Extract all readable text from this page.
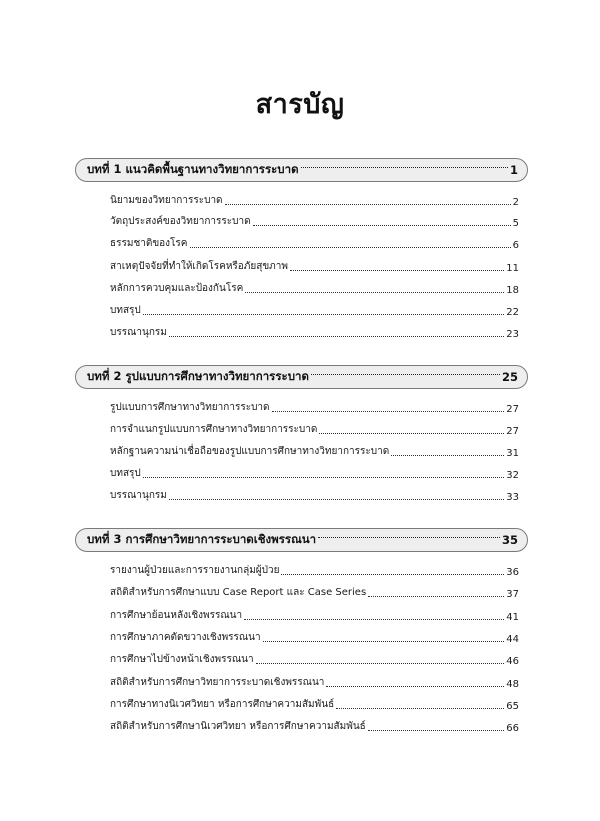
สารบัญ
บทที่ 1 แนวคิดพื้นฐานทางวิทยาการระบาด	1
นิยามของวิทยาการระบาด	2
วัตถุประสงค์ของวิทยาการระบาด	5
ธรรมชาติของโรค	6
สาเหตุปัจจัยที่ทำให้เกิดโรคหรือภัยสุขภาพ	11
หลักการควบคุมและป้องกันโรค	18
บทสรุป	22
บรรณานุกรม	23
บทที่ 2 รูปแบบการศึกษาทางวิทยาการระบาด	25
รูปแบบการศึกษาทางวิทยาการระบาด	27
การจำแนกรูปแบบการศึกษาทางวิทยาการระบาด	27
หลักฐานความน่าเชื่อถือของรูปแบบการศึกษาทางวิทยาการระบาด	31
บทสรุป	32
บรรณานุกรม	33
บทที่ 3 การศึกษาวิทยาการระบาดเชิงพรรณนา	35
รายงานผู้ป่วยและการรายงานกลุ่มผู้ป่วย	36
สถิติสำหรับการศึกษาแบบ Case Report และ Case Series	37
การศึกษาย้อนหลังเชิงพรรณนา	41
การศึกษาภาคตัดขวางเชิงพรรณนา	44
การศึกษาไปข้างหน้าเชิงพรรณนา	46
สถิติสำหรับการศึกษาวิทยาการระบาดเชิงพรรณนา	48
การศึกษาทางนิเวศวิทยา หรือการศึกษาความสัมพันธ์	65
สถิติสำหรับการศึกษานิเวศวิทยา หรือการศึกษาความสัมพันธ์	66
